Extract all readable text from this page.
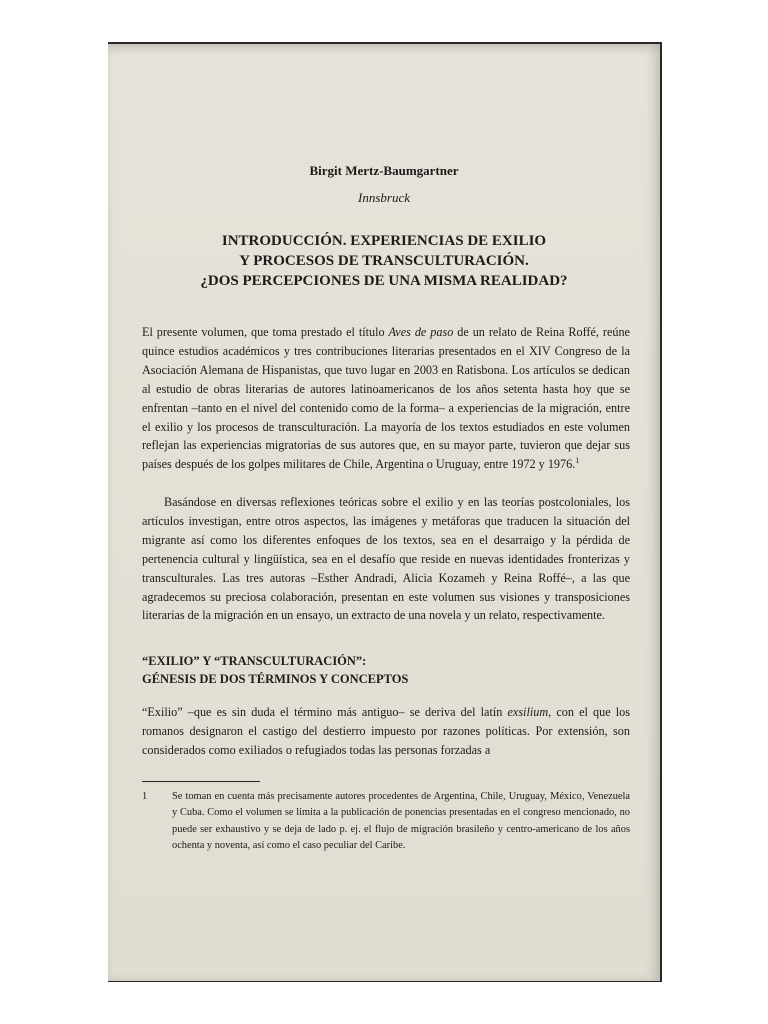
Birgit Mertz-Baumgartner
Innsbruck
INTRODUCCIÓN. EXPERIENCIAS DE EXILIO
Y PROCESOS DE TRANSCULTURACIÓN.
¿DOS PERCEPCIONES DE UNA MISMA REALIDAD?

El presente volumen, que toma prestado el título Aves de paso de un relato de Reina Roffé, reúne quince estudios académicos y tres contribuciones literarias presentados en el XIV Congreso de la Asociación Alemana de Hispanistas, que tuvo lugar en 2003 en Ratisbona. Los artículos se dedican al estudio de obras literarias de autores latinoamericanos de los años setenta hasta hoy que se enfrentan –tanto en el nivel del contenido como de la forma– a experiencias de la migración, entre el exilio y los procesos de transculturación. La mayoría de los textos estudiados en este volumen reflejan las experiencias migratorias de sus autores que, en su mayor parte, tuvieron que dejar sus países después de los golpes militares de Chile, Argentina o Uruguay, entre 1972 y 1976.$^1$

Basándose en diversas reflexiones teóricas sobre el exilio y en las teorías postcoloniales, los artículos investigan, entre otros aspectos, las imágenes y metáforas que traducen la situación del migrante así como los diferentes enfoques de los textos, sea en el desarraigo y la pérdida de pertenencia cultural y lingüística, sea en el desafío que reside en nuevas identidades fronterizas y transculturales. Las tres autoras –Esther Andradi, Alicia Kozameh y Reina Roffé–, a las que agradecemos su preciosa colaboración, presentan en este volumen sus visiones y transposiciones literarias de la migración en un ensayo, un extracto de una novela y un relato, respectivamente.

“EXILIO” Y “TRANSCULTURACIÓN”:
GÉNESIS DE DOS TÉRMINOS Y CONCEPTOS

“Exilio” –que es sin duda el término más antiguo– se deriva del latín exsilium, con el que los romanos designaron el castigo del destierro impuesto por razones políticas. Por extensión, son considerados como exiliados o refugiados todas las personas forzadas a

1 Se toman en cuenta más precisamente autores procedentes de Argentina, Chile, Uruguay, México, Venezuela y Cuba. Como el volumen se limita a la publicación de ponencias presentadas en el congreso mencionado, no puede ser exhaustivo y se deja de lado p. ej. el flujo de migración brasileño y centro-americano de los años ochenta y noventa, así como el caso peculiar del Caribe.
